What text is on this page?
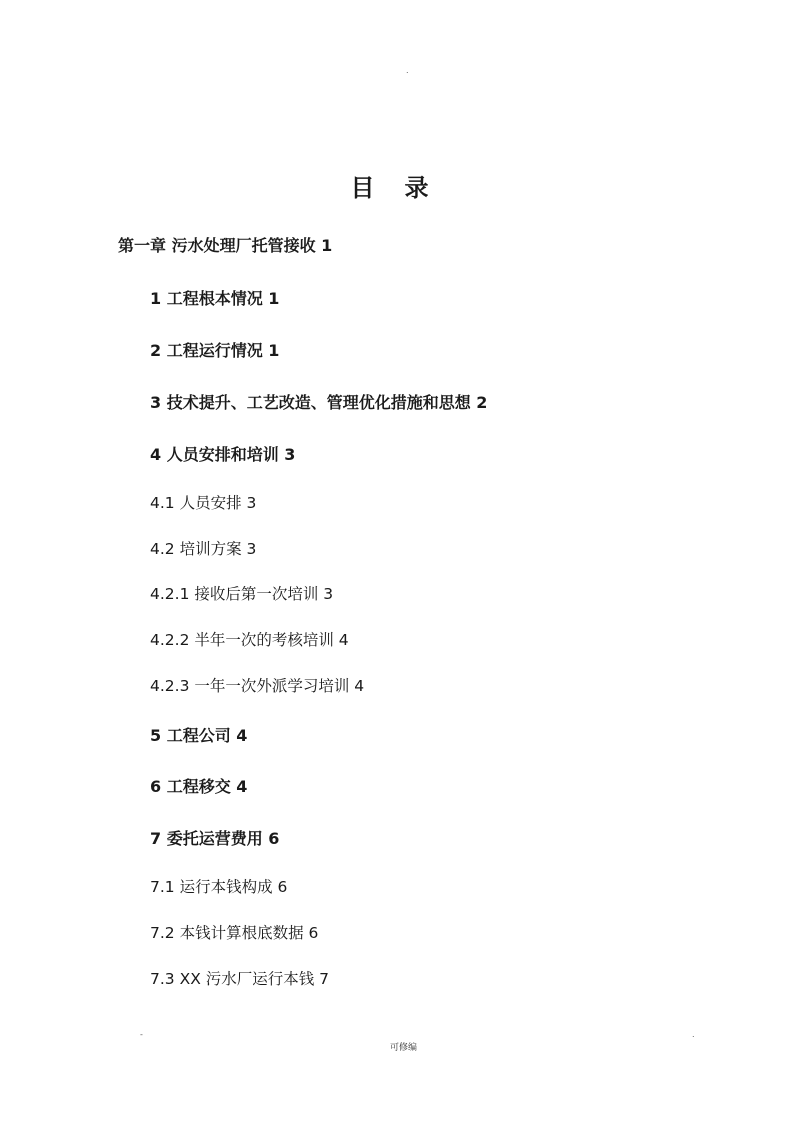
.
目录
第一章 污水处理厂托管接收 1
1 工程根本情况 1
2 工程运行情况 1
3 技术提升、工艺改造、管理优化措施和思想 2
4 人员安排和培训 3
4.1 人员安排 3
4.2 培训方案 3
4.2.1 接收后第一次培训 3
4.2.2 半年一次的考核培训 4
4.2.3 一年一次外派学习培训 4
5 工程公司 4
6 工程移交 4
7 委托运营费用 6
7.1 运行本钱构成 6
7.2 本钱计算根底数据 6
7.3 XX 污水厂运行本钱 7
-
可修编
.
